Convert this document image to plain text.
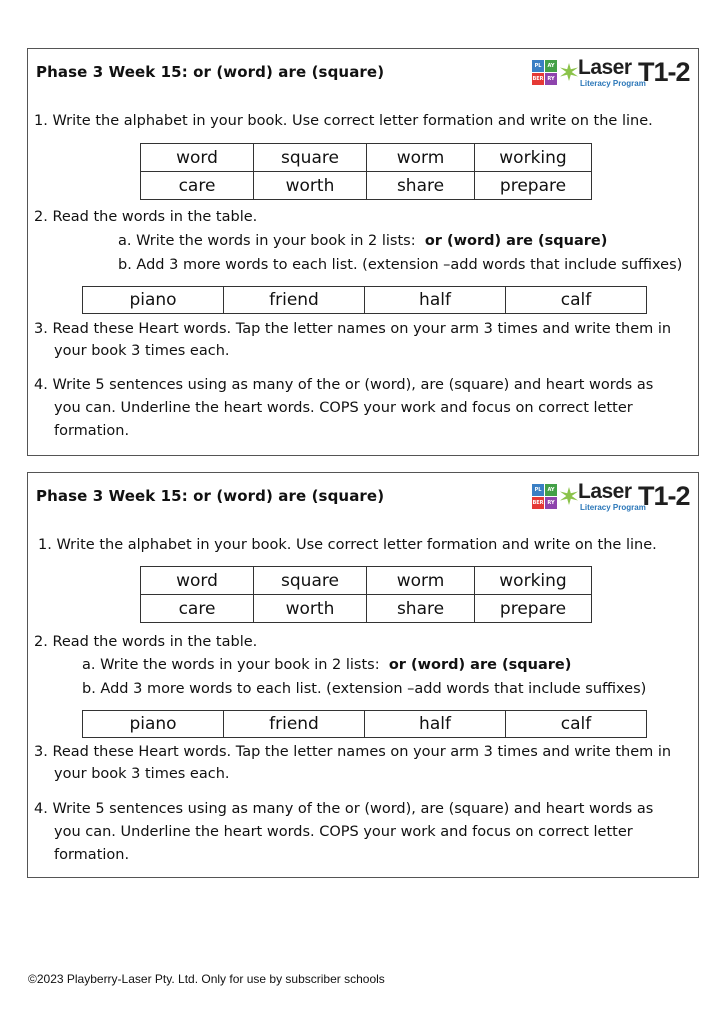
Phase 3 Week 15: or (word) are (square)	PL	AY
BER RY Laser
Literacy Program
T1-2
1. Write the alphabet in your book. Use correct letter formation and write on the line.
word	square	worm	working
care	worth	share	prepare
2. Read the words in the table.
a. Write the words in your book in 2 lists: or (word) are (square)
b. Add 3 more words to each list. (extension –add words that include suffixes)
piano	friend	half	calf
3. Read these Heart words. Tap the letter names on your arm 3 times and write them in
your book 3 times each.
4. Write 5 sentences using as many of the or (word), are (square) and heart words as
you can. Underline the heart words. COPS your work and focus on correct letter
formation.
Phase 3 Week 15: or (word) are (square)	PL	AY
BER RY Laser
Literacy Program
T1-2
1. Write the alphabet in your book. Use correct letter formation and write on the line.
word	square	worm	working
care	worth	share	prepare
2. Read the words in the table.
a. Write the words in your book in 2 lists: or (word) are (square)
b. Add 3 more words to each list. (extension –add words that include suffixes)
piano	friend	half	calf
3. Read these Heart words. Tap the letter names on your arm 3 times and write them in
your book 3 times each.
4. Write 5 sentences using as many of the or (word), are (square) and heart words as
you can. Underline the heart words. COPS your work and focus on correct letter
formation.
©2023 Playberry-Laser Pty. Ltd. Only for use by subscriber schools
